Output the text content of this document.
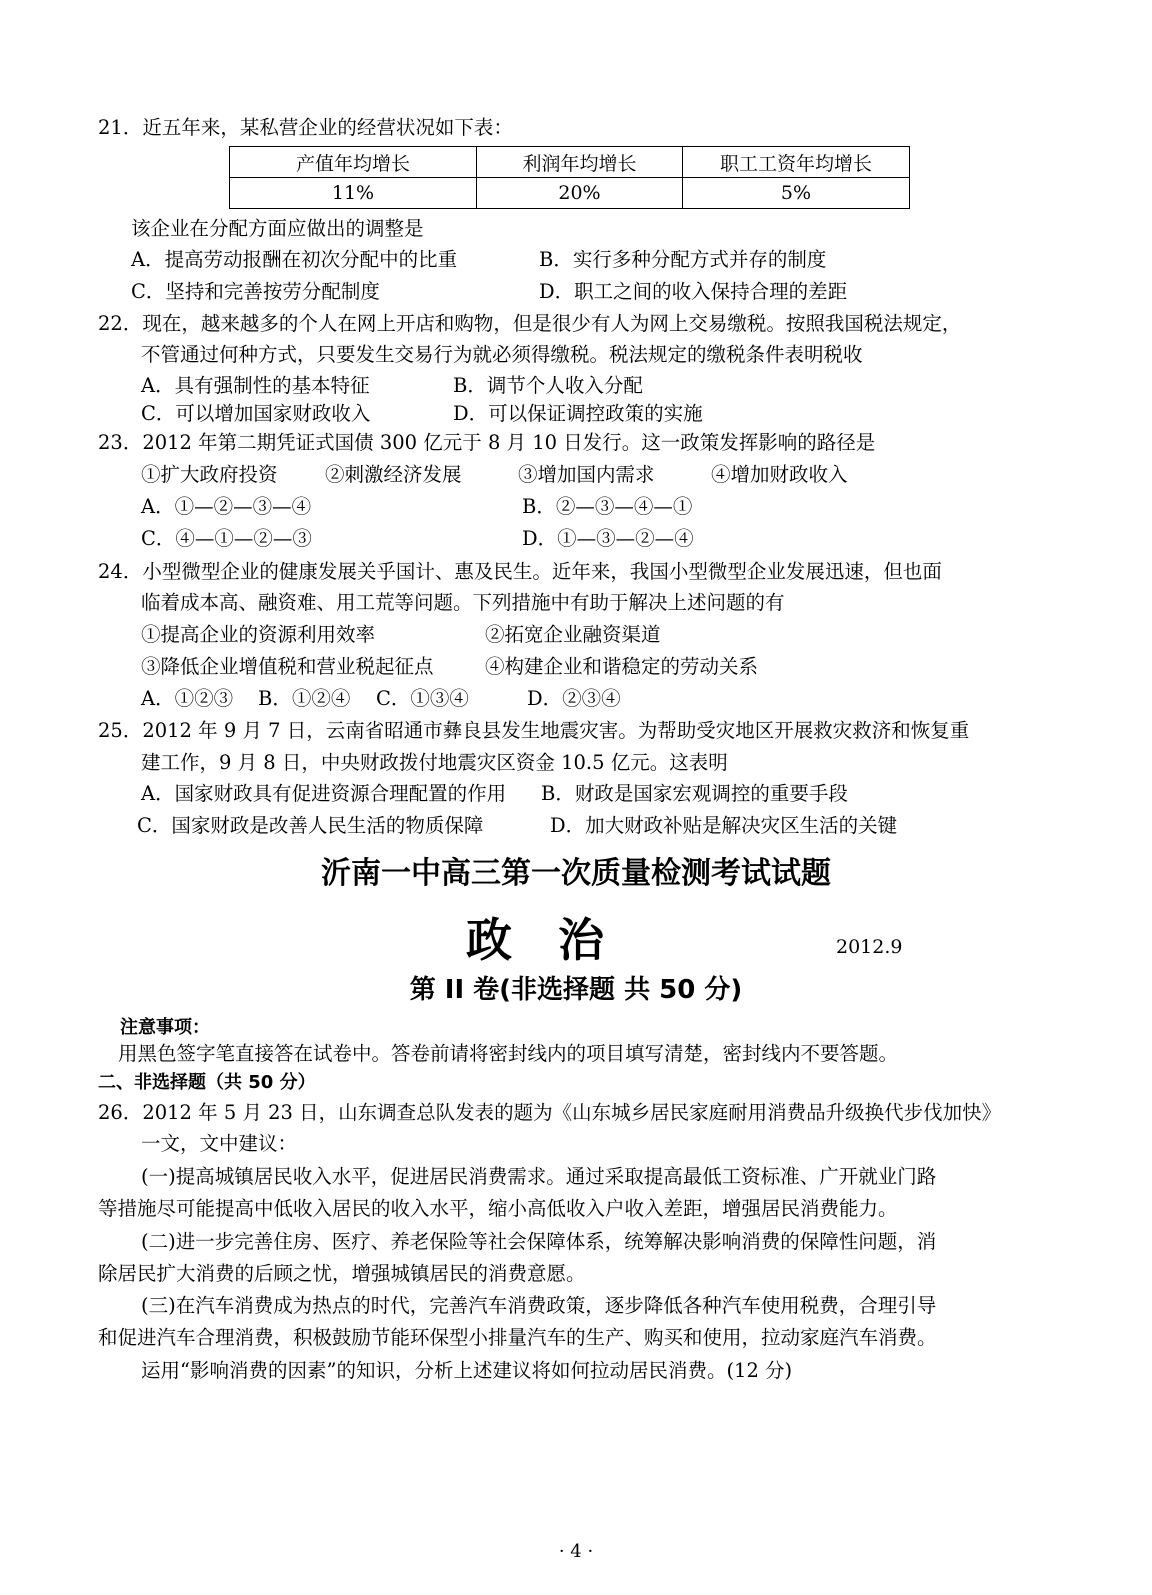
21．近五年来，某私营企业的经营状况如下表：
产值年均增长	利润年均增长	职工工资年均增长
11%	20%	5%
该企业在分配方面应做出的调整是
A．提高劳动报酬在初次分配中的比重	B．实行多种分配方式并存的制度
C．坚持和完善按劳分配制度	D．职工之间的收入保持合理的差距
22．现在，越来越多的个人在网上开店和购物，但是很少有人为网上交易缴税。按照我国税法规定，
不管通过何种方式，只要发生交易行为就必须得缴税。税法规定的缴税条件表明税收
A．具有强制性的基本特征	B．调节个人收入分配
C．可以增加国家财政收入	D．可以保证调控政策的实施
23．2012 年第二期凭证式国债 300 亿元于 8 月 10 日发行。这一政策发挥影响的路径是
①扩大政府投资 ②刺激经济发展	③增加国内需求	④增加财政收入
A．①—②—③—④	B．②—③—④—①
C．④—①—②—③	D．①—③—②—④
24．小型微型企业的健康发展关乎国计、惠及民生。近年来，我国小型微型企业发展迅速，但也面
临着成本高、融资难、用工荒等问题。下列措施中有助于解决上述问题的有
①提高企业的资源利用效率	②拓宽企业融资渠道
③降低企业增值税和营业税起征点	④构建企业和谐稳定的劳动关系
A．①②③ B．①②④ C．①③④	D．②③④
25．2012 年 9 月 7 日，云南省昭通市彝良县发生地震灾害。为帮助受灾地区开展救灾救济和恢复重
建工作，9 月 8 日，中央财政拨付地震灾区资金 10.5 亿元。这表明
A．国家财政具有促进资源合理配置的作用 B．财政是国家宏观调控的重要手段
C．国家财政是改善人民生活的物质保障	D．加大财政补贴是解决灾区生活的关键
沂南一中高三第一次质量检测考试试题
政　治	2012.9
第 II 卷(非选择题 共 50 分)
注意事项：
用黑色签字笔直接答在试卷中。答卷前请将密封线内的项目填写清楚，密封线内不要答题。
二、非选择题（共 50 分）
26．2012 年 5 月 23 日，山东调查总队发表的题为《山东城乡居民家庭耐用消费品升级换代步伐加快》
一文，文中建议：
(一)提高城镇居民收入水平，促进居民消费需求。通过采取提高最低工资标准、广开就业门路
等措施尽可能提高中低收入居民的收入水平，缩小高低收入户收入差距，增强居民消费能力。
(二)进一步完善住房、医疗、养老保险等社会保障体系，统筹解决影响消费的保障性问题，消
除居民扩大消费的后顾之忧，增强城镇居民的消费意愿。
(三)在汽车消费成为热点的时代，完善汽车消费政策，逐步降低各种汽车使用税费，合理引导
和促进汽车合理消费，积极鼓励节能环保型小排量汽车的生产、购买和使用，拉动家庭汽车消费。
运用“影响消费的因素”的知识，分析上述建议将如何拉动居民消费。(12 分)
· 4 ·
